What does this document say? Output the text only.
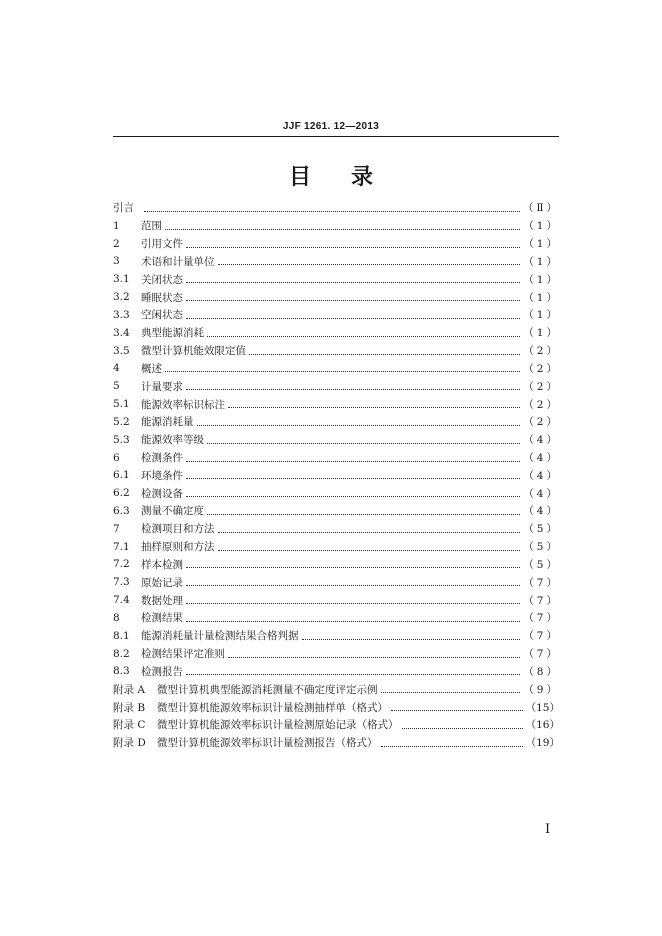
JJF 1261. 12—2013
目 录
引言	（Ⅱ）
1	范围	（1）
2	引用文件	（1）
3	术语和计量单位	（1）
3.1	关闭状态	（1）
3.2	睡眠状态	（1）
3.3	空闲状态	（1）
3.4	典型能源消耗	（1）
3.5	微型计算机能效限定值	（2）
4	概述	（2）
5	计量要求	（2）
5.1	能源效率标识标注	（2）
5.2	能源消耗量	（2）
5.3	能源效率等级	（4）
6	检测条件	（4）
6.1	环境条件	（4）
6.2	检测设备	（4）
6.3	测量不确定度	（4）
7	检测项目和方法	（5）
7.1	抽样原则和方法	（5）
7.2	样本检测	（5）
7.3	原始记录	（7）
7.4	数据处理	（7）
8	检测结果	（7）
8.1	能源消耗量计量检测结果合格判据	（7）
8.2	检测结果评定准则	（7）
8.3	检测报告	（8）
附录 A	微型计算机典型能源消耗测量不确定度评定示例	（9）
附录 B	微型计算机能源效率标识计量检测抽样单（格式）	（15）
附录 C	微型计算机能源效率标识计量检测原始记录（格式）	（16）
附录 D	微型计算机能源效率标识计量检测报告（格式）	（19）
I
